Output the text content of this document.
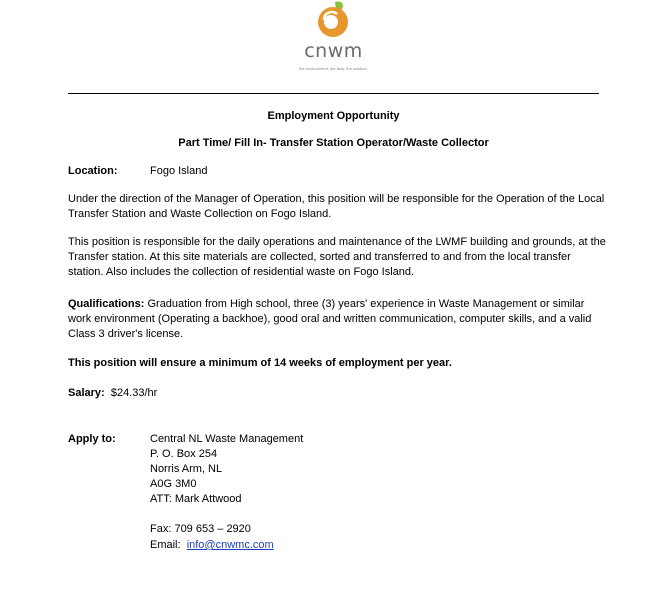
cnwm
the environment, the duty, the solution.
Employment Opportunity
Part Time/ Fill In- Transfer Station Operator/Waste Collector
Location:	Fogo Island
Under the direction of the Manager of Operation, this position will be responsible for the Operation of the Local Transfer Station and Waste Collection on Fogo Island.
This position is responsible for the daily operations and maintenance of the LWMF building and grounds, at the Transfer station. At this site materials are collected, sorted and transferred to and from the local transfer station. Also includes the collection of residential waste on Fogo Island.
Qualifications: Graduation from High school, three (3) years' experience in Waste Management or similar work environment (Operating a backhoe), good oral and written communication, computer skills, and a valid Class 3 driver's license.
This position will ensure a minimum of 14 weeks of employment per year.
Salary: $24.33/hr
Apply to:	Central NL Waste Management
P. O. Box 254
Norris Arm, NL
A0G 3M0
ATT: Mark Attwood
Fax: 709 653 – 2920
Email: info@cnwmc.com
